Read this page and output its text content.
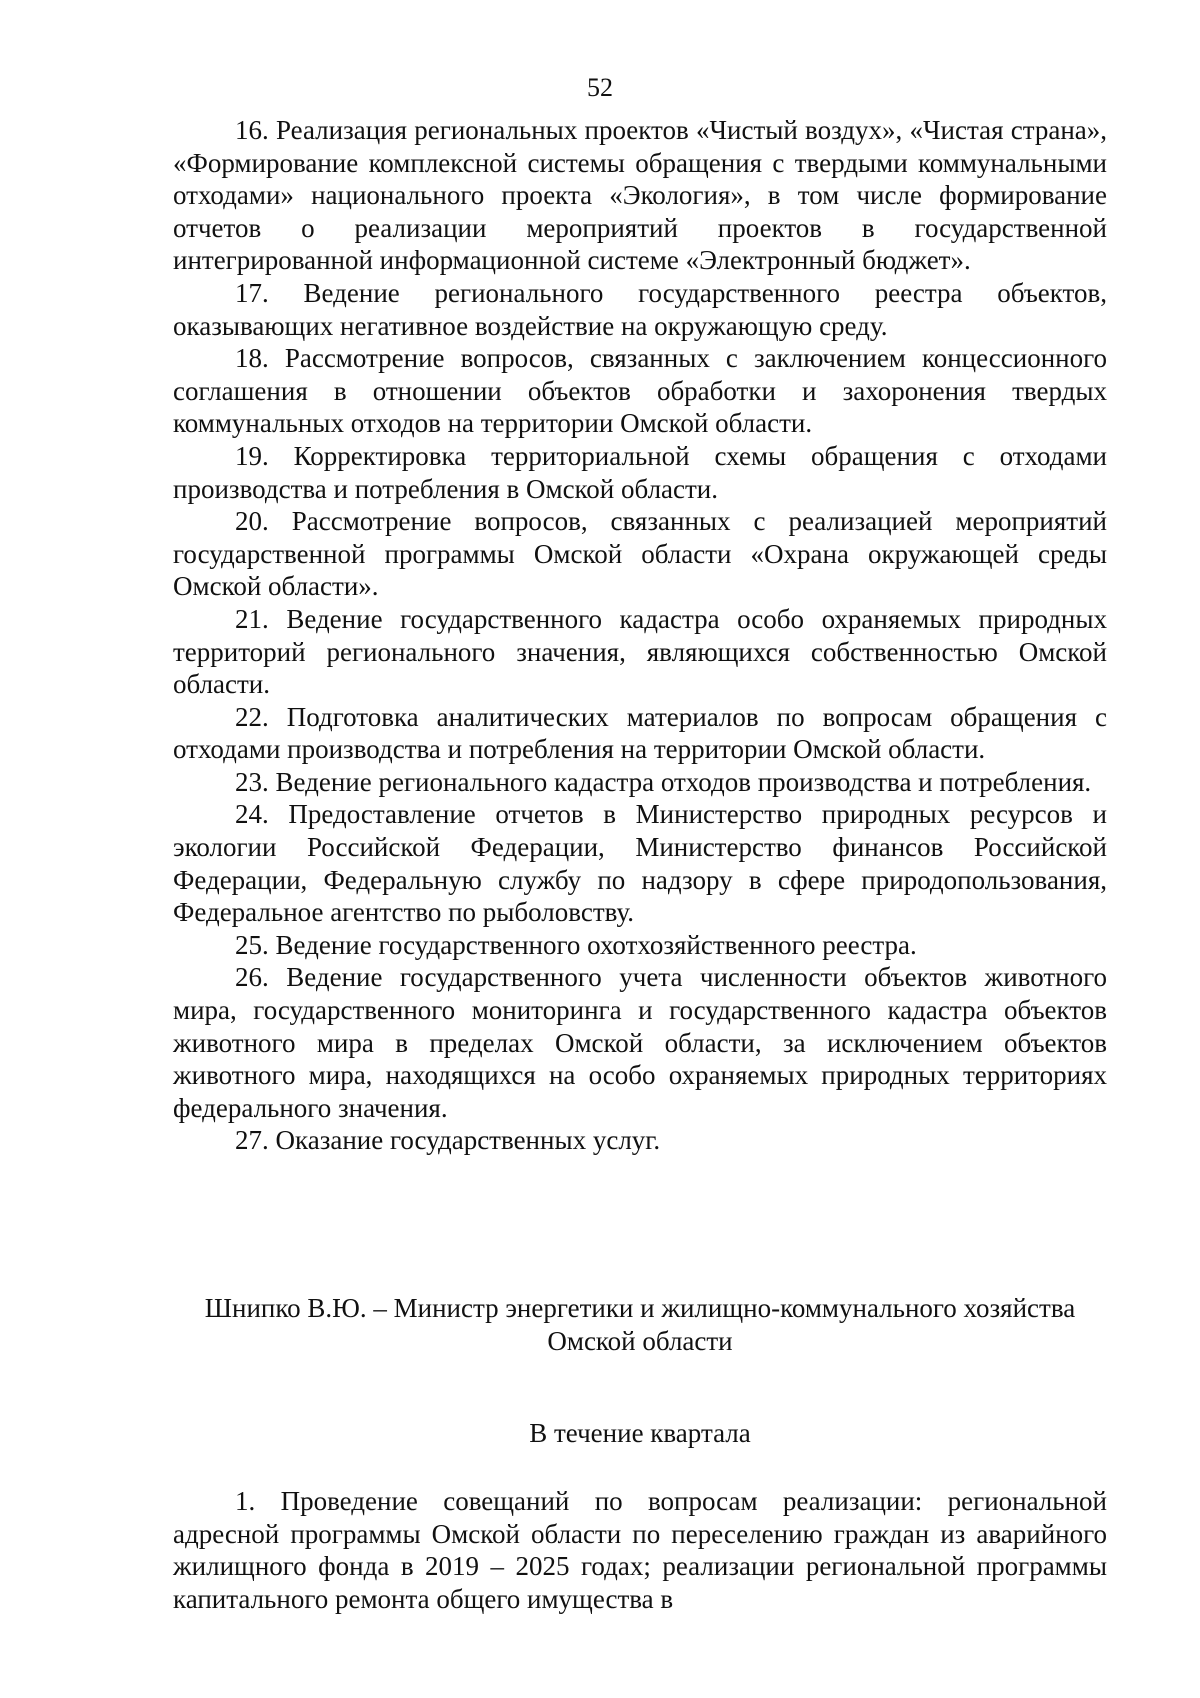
52

16. Реализация региональных проектов «Чистый воздух», «Чистая страна», «Формирование комплексной системы обращения с твердыми коммунальными отходами» национального проекта «Экология», в том числе формирование отчетов о реализации мероприятий проектов в государственной интегрированной информационной системе «Электронный бюджет».

17. Ведение регионального государственного реестра объектов, оказывающих негативное воздействие на окружающую среду.

18. Рассмотрение вопросов, связанных с заключением концессионного соглашения в отношении объектов обработки и захоронения твердых коммунальных отходов на территории Омской области.

19. Корректировка территориальной схемы обращения с отходами производства и потребления в Омской области.

20. Рассмотрение вопросов, связанных с реализацией мероприятий государственной программы Омской области «Охрана окружающей среды Омской области».

21. Ведение государственного кадастра особо охраняемых природных территорий регионального значения, являющихся собственностью Омской области.

22. Подготовка аналитических материалов по вопросам обращения с отходами производства и потребления на территории Омской области.

23. Ведение регионального кадастра отходов производства и потребления.

24. Предоставление отчетов в Министерство природных ресурсов и экологии Российской Федерации, Министерство финансов Российской Федерации, Федеральную службу по надзору в сфере природопользования, Федеральное агентство по рыболовству.

25. Ведение государственного охотхозяйственного реестра.

26. Ведение государственного учета численности объектов животного мира, государственного мониторинга и государственного кадастра объектов животного мира в пределах Омской области, за исключением объектов животного мира, находящихся на особо охраняемых природных территориях федерального значения.

27. Оказание государственных услуг.

Шнипко В.Ю. – Министр энергетики и жилищно-коммунального хозяйства

Омской области

В течение квартала

1. Проведение совещаний по вопросам реализации: региональной адресной программы Омской области по переселению граждан из аварийного жилищного фонда в 2019 – 2025 годах; реализации региональной программы капитального ремонта общего имущества в
